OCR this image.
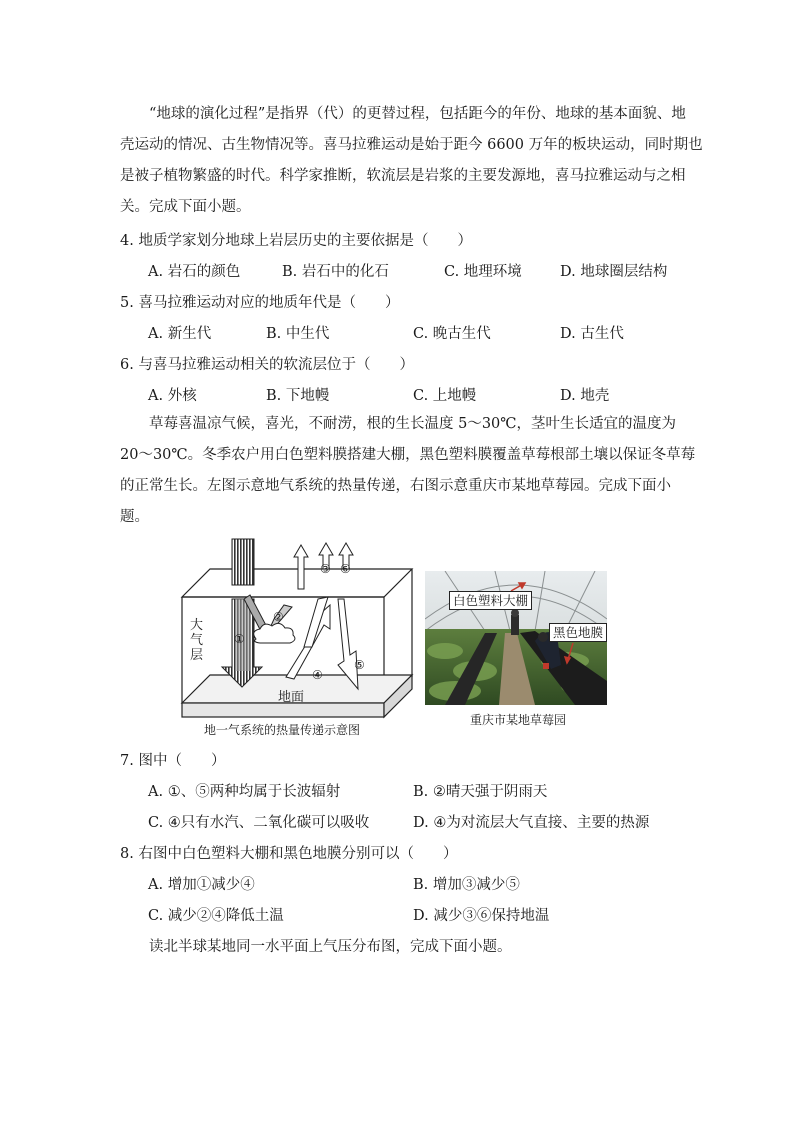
“地球的演化过程”是指界（代）的更替过程，包括距今的年份、地球的基本面貌、地
壳运动的情况、古生物情况等。喜马拉雅运动是始于距今 6600 万年的板块运动，同时期也
是被子植物繁盛的时代。科学家推断，软流层是岩浆的主要发源地，喜马拉雅运动与之相
关。完成下面小题。
4. 地质学家划分地球上岩层历史的主要依据是（　　）
A. 岩石的颜色	B. 岩石中的化石	C. 地理环境	D. 地球圈层结构
5. 喜马拉雅运动对应的地质年代是（　　）
A. 新生代	B. 中生代	C. 晚古生代	D. 古生代
6. 与喜马拉雅运动相关的软流层位于（　　）
A. 外核	B. 下地幔	C. 上地幔	D. 地壳
草莓喜温凉气候，喜光，不耐涝，根的生长温度 5～30℃，茎叶生长适宜的温度为
20～30℃。冬季农户用白色塑料膜搭建大棚，黑色塑料膜覆盖草莓根部土壤以保证冬草莓
的正常生长。左图示意地气系统的热量传递，右图示意重庆市某地草莓园。完成下面小
题。
大
气
层
地面
①
②
③ ⑥
④
⑤
地一气系统的热量传递示意图
白色塑料大棚
黑色地膜
重庆市某地草莓园
7. 图中（　　）
A. ①、⑤两种均属于长波辐射	B. ②晴天强于阴雨天
C. ④只有水汽、二氧化碳可以吸收	D. ④为对流层大气直接、主要的热源
8. 右图中白色塑料大棚和黑色地膜分别可以（　　）
A. 增加①减少④	B. 增加③减少⑤
C. 减少②④降低土温	D. 减少③⑥保持地温
读北半球某地同一水平面上气压分布图，完成下面小题。
